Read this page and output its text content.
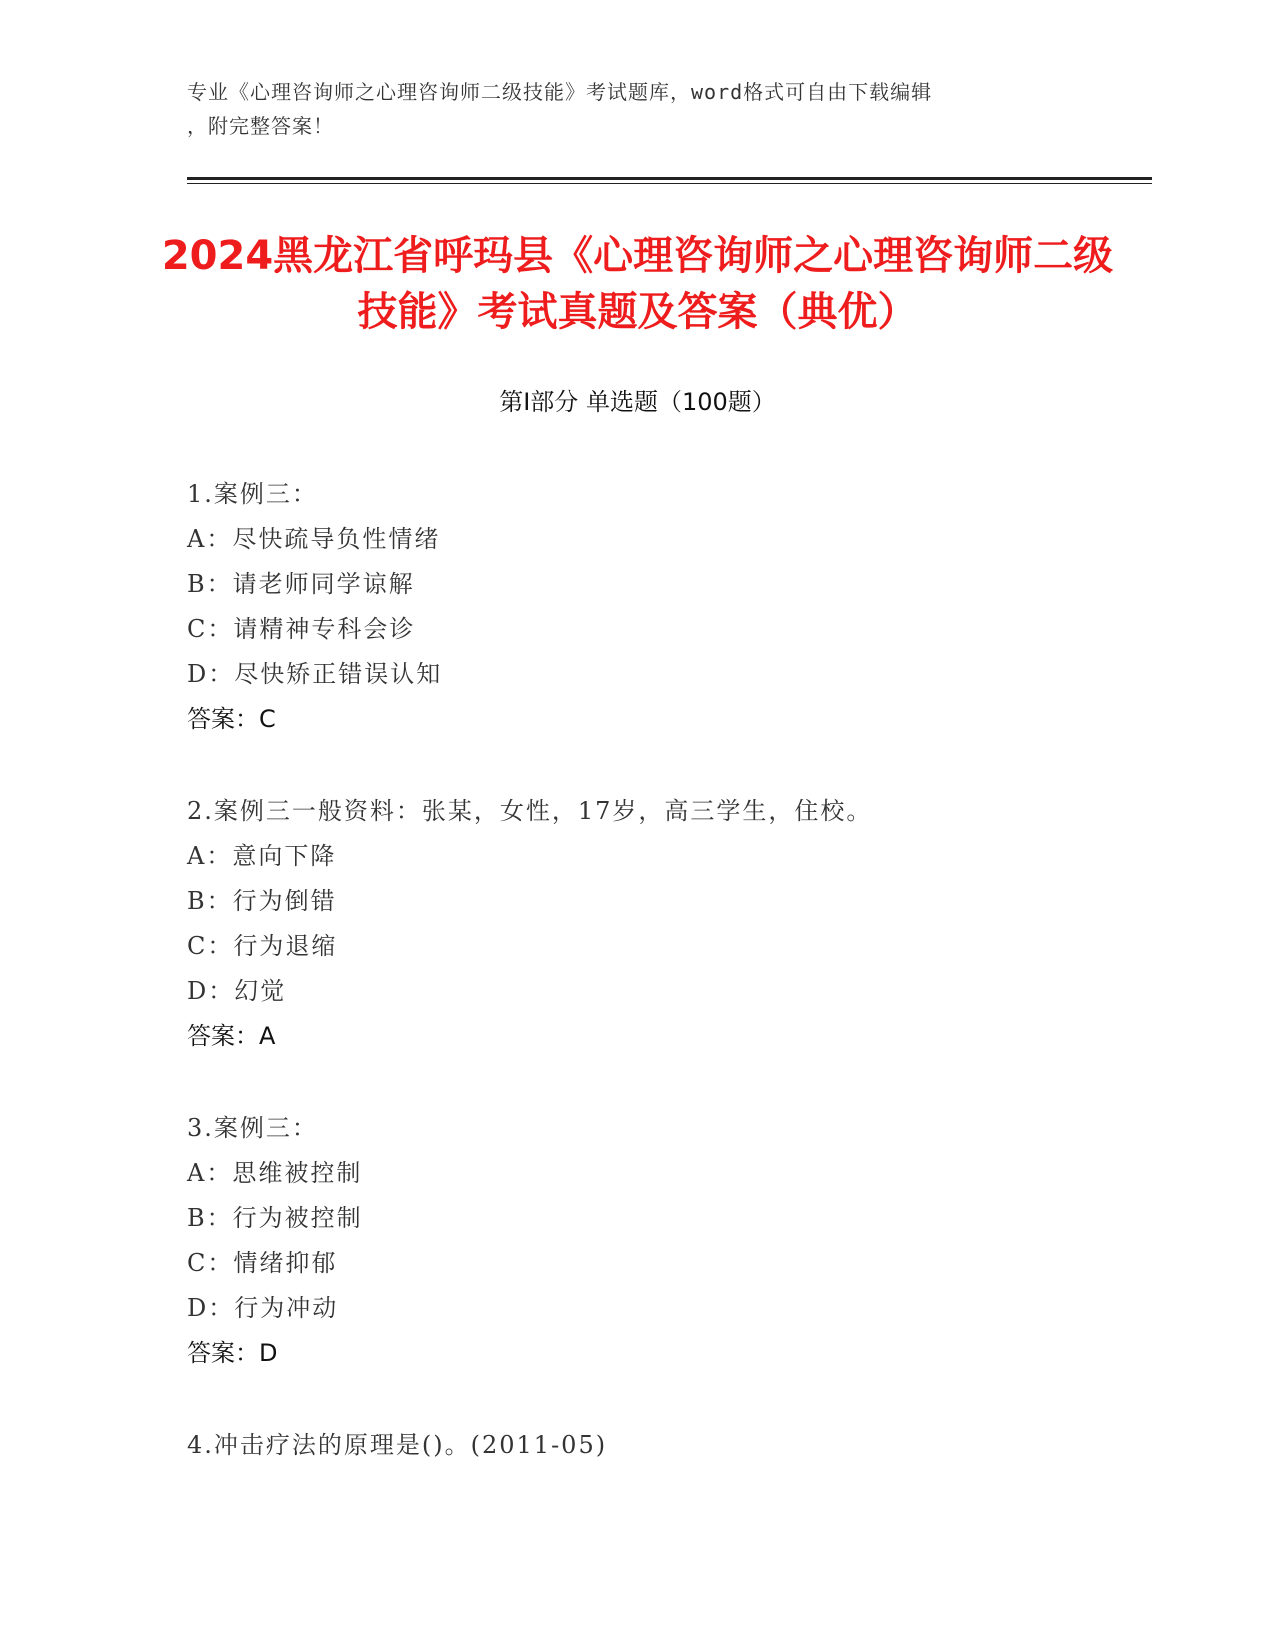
专业《心理咨询师之心理咨询师二级技能》考试题库，word格式可自由下载编辑
，附完整答案！
2024黑龙江省呼玛县《心理咨询师之心理咨询师二级技能》考试真题及答案（典优）
第I部分 单选题（100题）
1.案例三：
A：尽快疏导负性情绪
B：请老师同学谅解
C：请精神专科会诊
D：尽快矫正错误认知
答案：C
2.案例三一般资料：张某，女性，17岁，高三学生，住校。
A：意向下降
B：行为倒错
C：行为退缩
D：幻觉
答案：A
3.案例三：
A：思维被控制
B：行为被控制
C：情绪抑郁
D：行为冲动
答案：D
4.冲击疗法的原理是()。(2011-05)
